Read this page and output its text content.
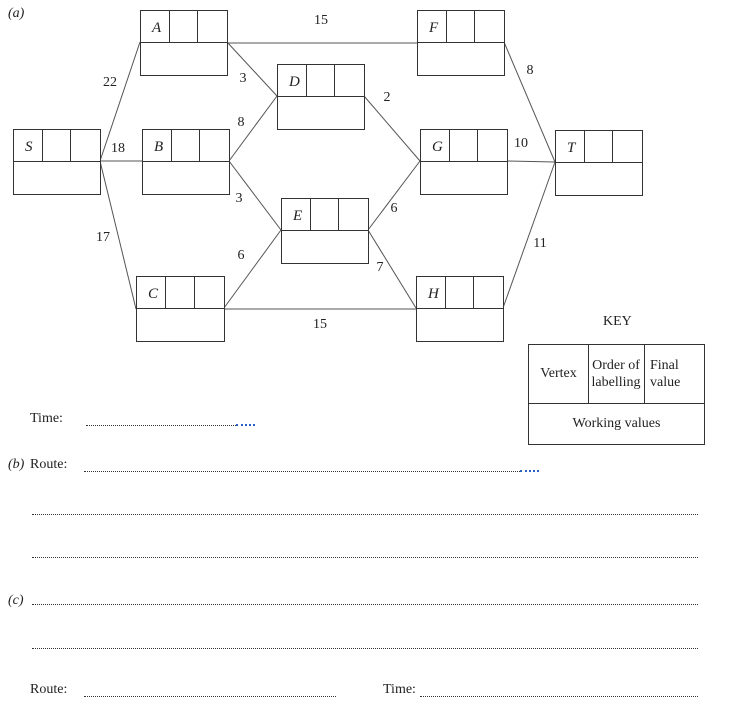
S
A
B
C
D
E
F
G
H
T
22
18
17
15
3
8
3
6
15
2
6
7
8
10
11
(a)
(b)
(c)
KEY
Vertex
Order of labelling
Final value
Working values
Time:
Route:
Route:	Time:
